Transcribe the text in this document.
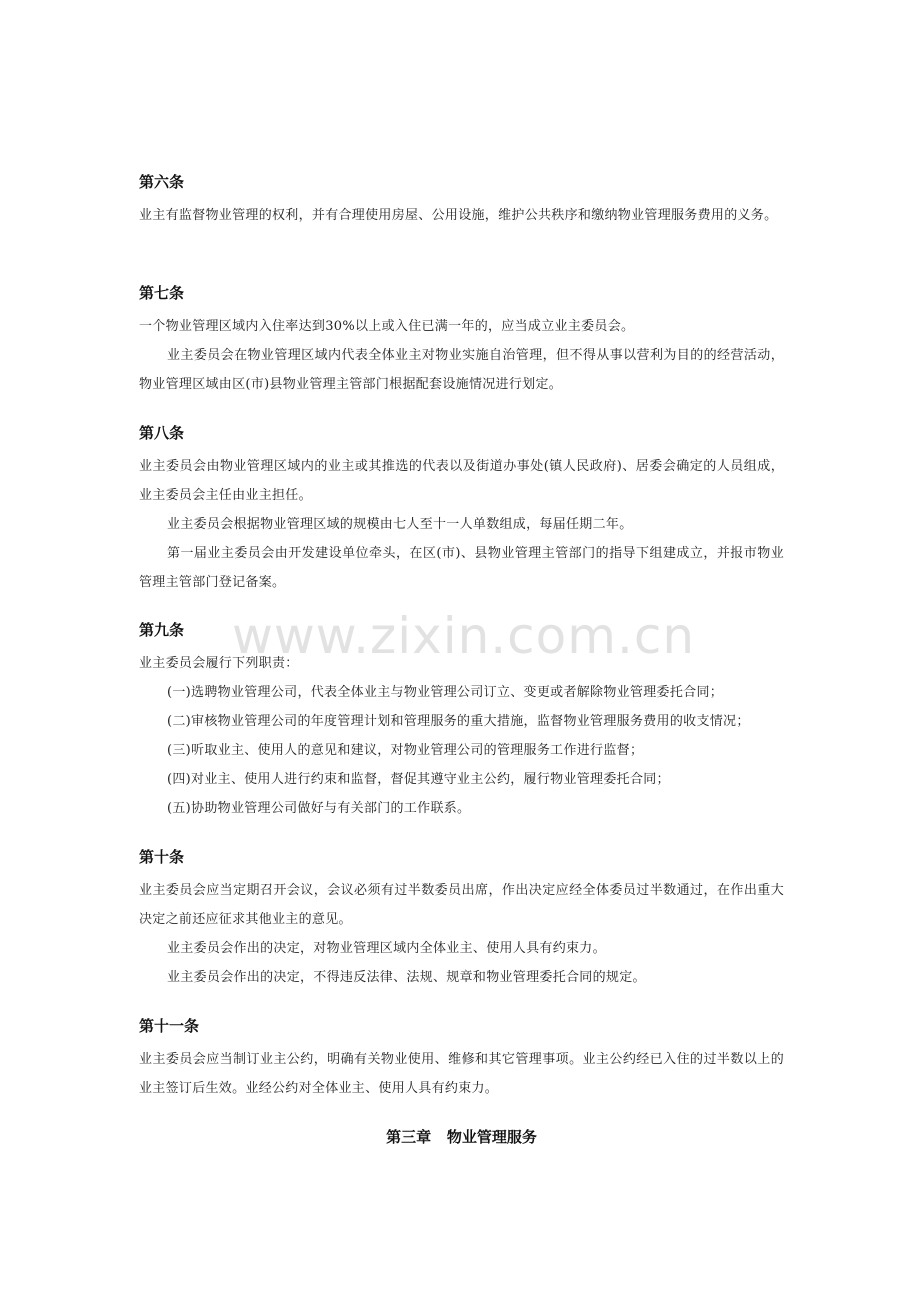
第六条

业主有监督物业管理的权利，并有合理使用房屋、公用设施，维护公共秩序和缴纳物业管理服务费用的义务。

第七条

一个物业管理区域内入住率达到30%以上或入住已满一年的，应当成立业主委员会。

业主委员会在物业管理区域内代表全体业主对物业实施自治管理，但不得从事以营利为目的的经营活动，物业管理区域由区(市)县物业管理主管部门根据配套设施情况进行划定。

第八条

业主委员会由物业管理区域内的业主或其推选的代表以及街道办事处(镇人民政府)、居委会确定的人员组成，业主委员会主任由业主担任。

业主委员会根据物业管理区域的规模由七人至十一人单数组成，每届任期二年。

第一届业主委员会由开发建设单位牵头，在区(市)、县物业管理主管部门的指导下组建成立，并报市物业管理主管部门登记备案。

第九条

业主委员会履行下列职责：

(一)选聘物业管理公司，代表全体业主与物业管理公司订立、变更或者解除物业管理委托合同；

(二)审核物业管理公司的年度管理计划和管理服务的重大措施，监督物业管理服务费用的收支情况；

(三)听取业主、使用人的意见和建议，对物业管理公司的管理服务工作进行监督；

(四)对业主、使用人进行约束和监督，督促其遵守业主公约，履行物业管理委托合同；

(五)协助物业管理公司做好与有关部门的工作联系。

第十条

业主委员会应当定期召开会议，会议必须有过半数委员出席，作出决定应经全体委员过半数通过，在作出重大决定之前还应征求其他业主的意见。

业主委员会作出的决定，对物业管理区域内全体业主、使用人具有约束力。

业主委员会作出的决定，不得违反法律、法规、规章和物业管理委托合同的规定。

第十一条

业主委员会应当制订业主公约，明确有关物业使用、维修和其它管理事项。业主公约经已入住的过半数以上的业主签订后生效。业经公约对全体业主、使用人具有约束力。

第三章   物业管理服务
www.zixin.com.cn
